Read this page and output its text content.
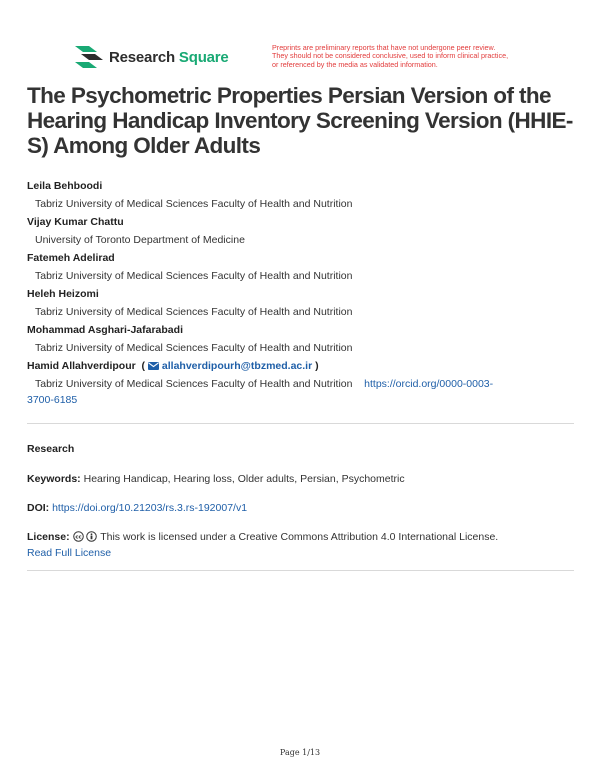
Research Square
Preprints are preliminary reports that have not undergone peer review.
They should not be considered conclusive, used to inform clinical practice,
or referenced by the media as validated information.
The Psychometric Properties Persian Version of the Hearing Handicap Inventory Screening Version (HHIE-S) Among Older Adults
Leila Behboodi
Tabriz University of Medical Sciences Faculty of Health and Nutrition
Vijay Kumar Chattu
University of Toronto Department of Medicine
Fatemeh Adelirad
Tabriz University of Medical Sciences Faculty of Health and Nutrition
Heleh Heizomi
Tabriz University of Medical Sciences Faculty of Health and Nutrition
Mohammad Asghari-Jafarabadi
Tabriz University of Medical Sciences Faculty of Health and Nutrition
Hamid Allahverdipour  (  allahverdipourh@tbzmed.ac.ir )
Tabriz University of Medical Sciences Faculty of Health and Nutrition https://orcid.org/0000-0003-
3700-6185
Research
Keywords: Hearing Handicap, Hearing loss, Older adults, Persian, Psychometric
DOI: https://doi.org/10.21203/rs.3.rs-192007/v1
License: cc This work is licensed under a Creative Commons Attribution 4.0 International License.
Read Full License
Page 1/13
